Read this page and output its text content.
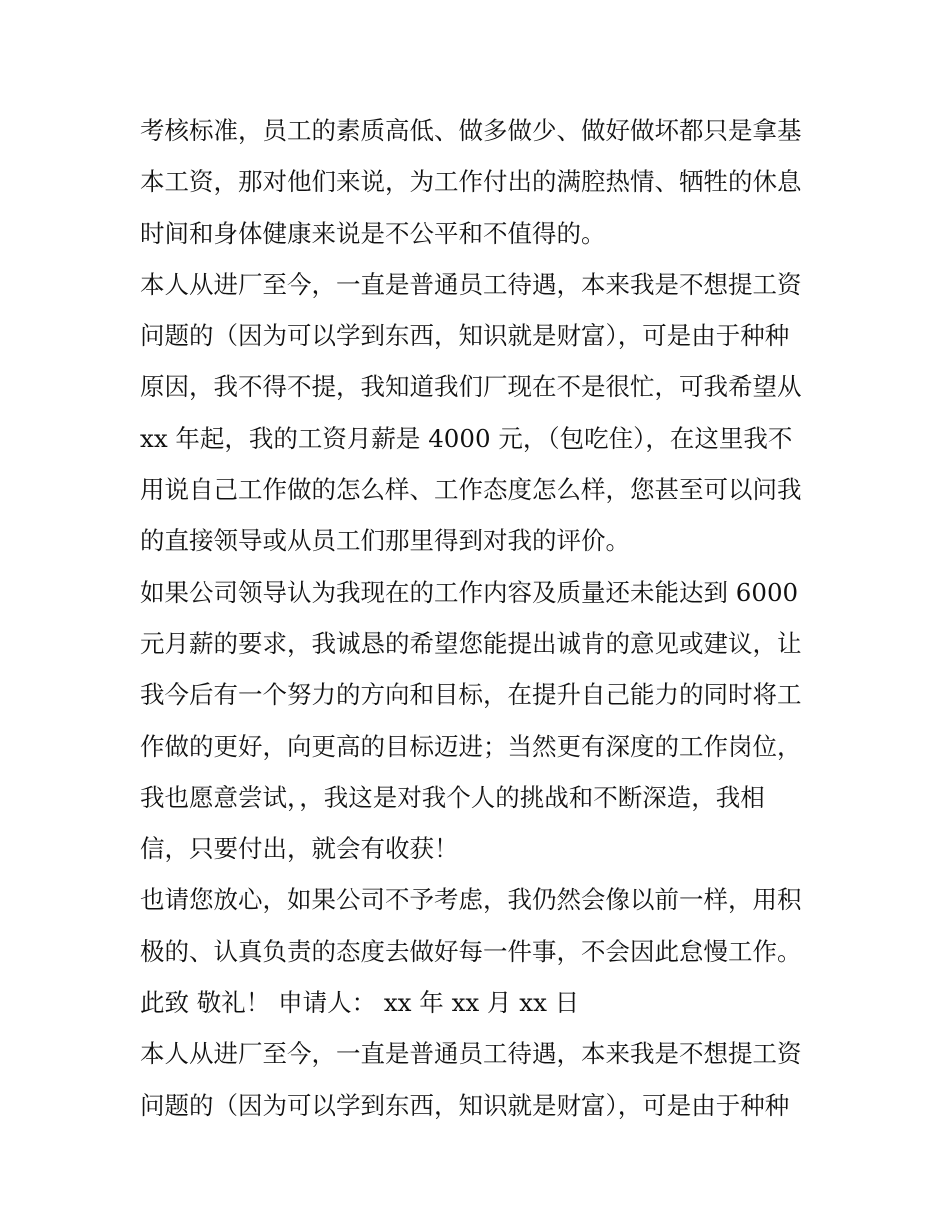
考核标准，员工的素质高低、做多做少、做好做坏都只是拿基
本工资，那对他们来说，为工作付出的满腔热情、牺牲的休息
时间和身体健康来说是不公平和不值得的。
本人从进厂至今，一直是普通员工待遇，本来我是不想提工资
问题的（因为可以学到东西，知识就是财富），可是由于种种
原因，我不得不提，我知道我们厂现在不是很忙，可我希望从
xx 年起，我的工资月薪是 4000 元，（包吃住），在这里我不
用说自己工作做的怎么样、工作态度怎么样，您甚至可以问我
的直接领导或从员工们那里得到对我的评价。
如果公司领导认为我现在的工作内容及质量还未能达到 6000
元月薪的要求，我诚恳的希望您能提出诚肯的意见或建议，让
我今后有一个努力的方向和目标，在提升自己能力的同时将工
作做的更好，向更高的目标迈进；当然更有深度的工作岗位，
我也愿意尝试，，我这是对我个人的挑战和不断深造，我相
信，只要付出，就会有收获！
也请您放心，如果公司不予考虑，我仍然会像以前一样，用积
极的、认真负责的态度去做好每一件事，不会因此怠慢工作。
此致 敬礼！ 申请人： xx 年 xx 月 xx 日
本人从进厂至今，一直是普通员工待遇，本来我是不想提工资
问题的（因为可以学到东西，知识就是财富），可是由于种种
